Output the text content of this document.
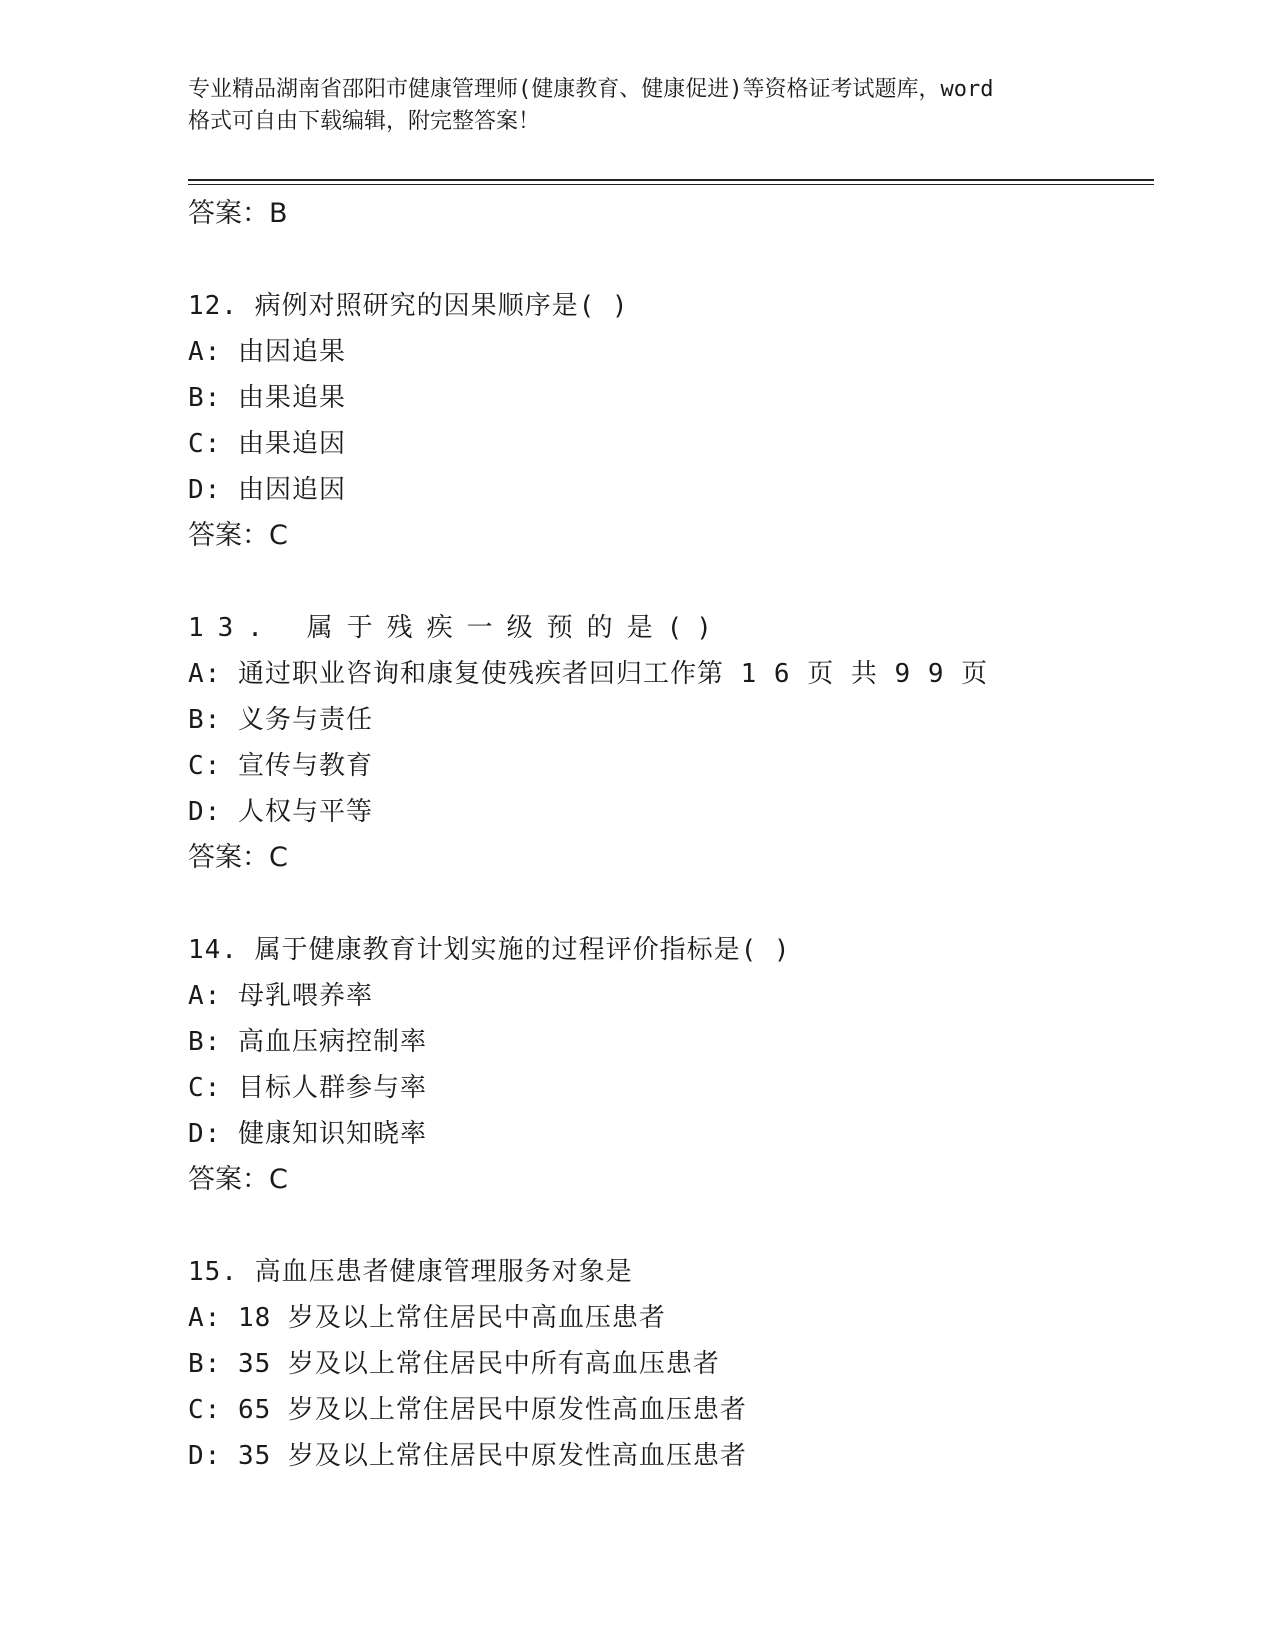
专业精品湖南省邵阳市健康管理师(健康教育、健康促进)等资格证考试题库，word

格式可自由下载编辑，附完整答案！

答案：B

12. 病例对照研究的因果顺序是( )

A: 由因追果

B: 由果追果

C: 由果追因

D: 由因追因

答案：C

13. 属于残疾一级预的是()

A: 通过职业咨询和康复使残疾者回归工作第 1 6 页 共 9 9 页

B: 义务与责任

C: 宣传与教育

D: 人权与平等

答案：C

14. 属于健康教育计划实施的过程评价指标是( )

A: 母乳喂养率

B: 高血压病控制率

C: 目标人群参与率

D: 健康知识知晓率

答案：C

15. 高血压患者健康管理服务对象是

A: 18 岁及以上常住居民中高血压患者

B: 35 岁及以上常住居民中所有高血压患者

C: 65 岁及以上常住居民中原发性高血压患者

D: 35 岁及以上常住居民中原发性高血压患者
